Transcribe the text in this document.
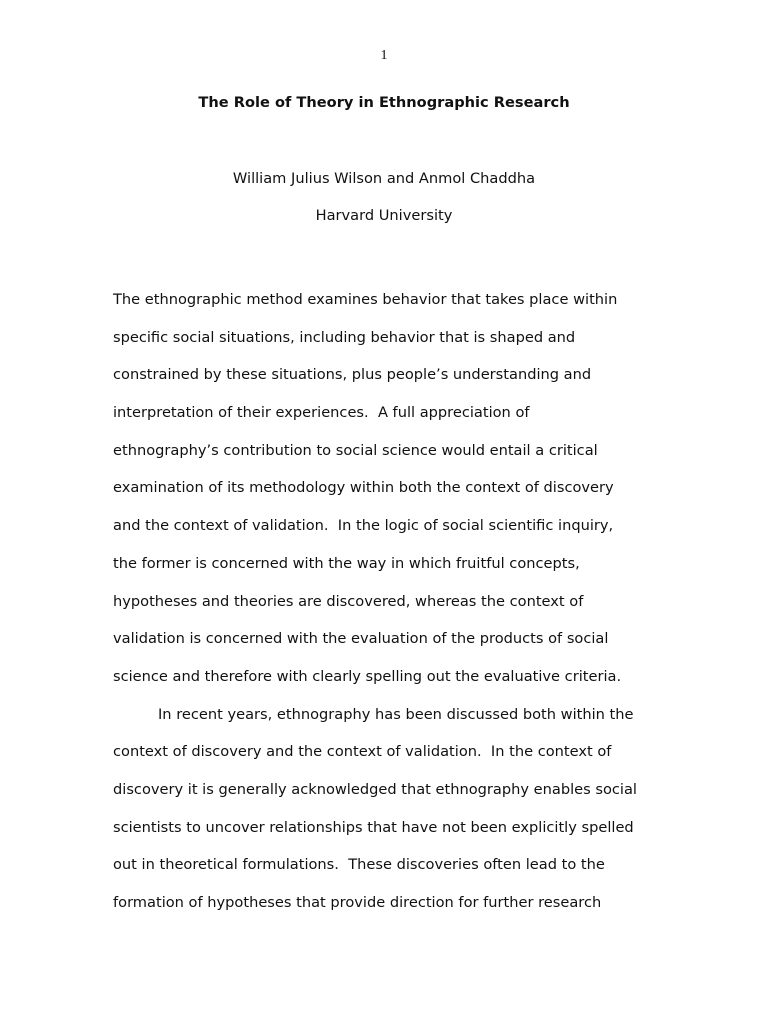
1
The Role of Theory in Ethnographic Research
William Julius Wilson and Anmol Chaddha
Harvard University
The ethnographic method examines behavior that takes place within
specific social situations, including behavior that is shaped and
constrained by these situations, plus people’s understanding and
interpretation of their experiences.  A full appreciation of
ethnography’s contribution to social science would entail a critical
examination of its methodology within both the context of discovery
and the context of validation.  In the logic of social scientific inquiry,
the former is concerned with the way in which fruitful concepts,
hypotheses and theories are discovered, whereas the context of
validation is concerned with the evaluation of the products of social
science and therefore with clearly spelling out the evaluative criteria.
In recent years, ethnography has been discussed both within the
context of discovery and the context of validation.  In the context of
discovery it is generally acknowledged that ethnography enables social
scientists to uncover relationships that have not been explicitly spelled
out in theoretical formulations.  These discoveries often lead to the
formation of hypotheses that provide direction for further research
